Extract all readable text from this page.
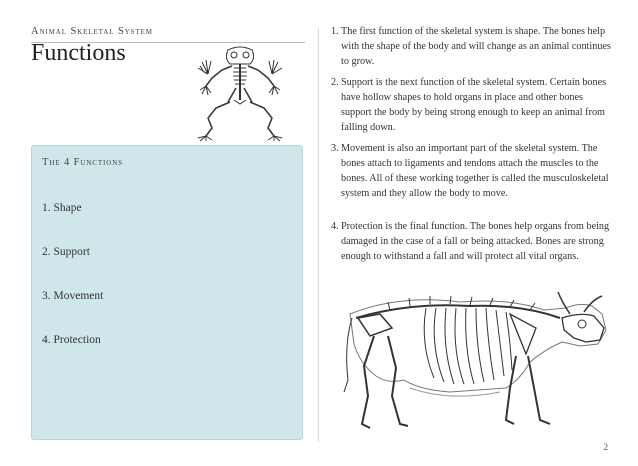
Animal Skeletal System
Functions
The 4 Functions
1. Shape
2. Support
3. Movement
4. Protection
1. The first function of the skeletal system is shape. The bones help with the shape of the body and will change as an animal continues to grow.
2. Support is the next function of the skeletal system. Certain bones have hollow shapes to hold organs in place and other bones support the body by being strong enough to keep an animal from falling down.
3. Movement is also an important part of the skeletal system. The bones attach to ligaments and tendons attach the muscles to the bones. All of these working together is called the musculoskeletal system and they allow the body to move.
4. Protection is the final function. The bones help organs from being damaged in the case of a fall or being attacked. Bones are strong enough to withstand a fall and will protect all vital organs.
2
